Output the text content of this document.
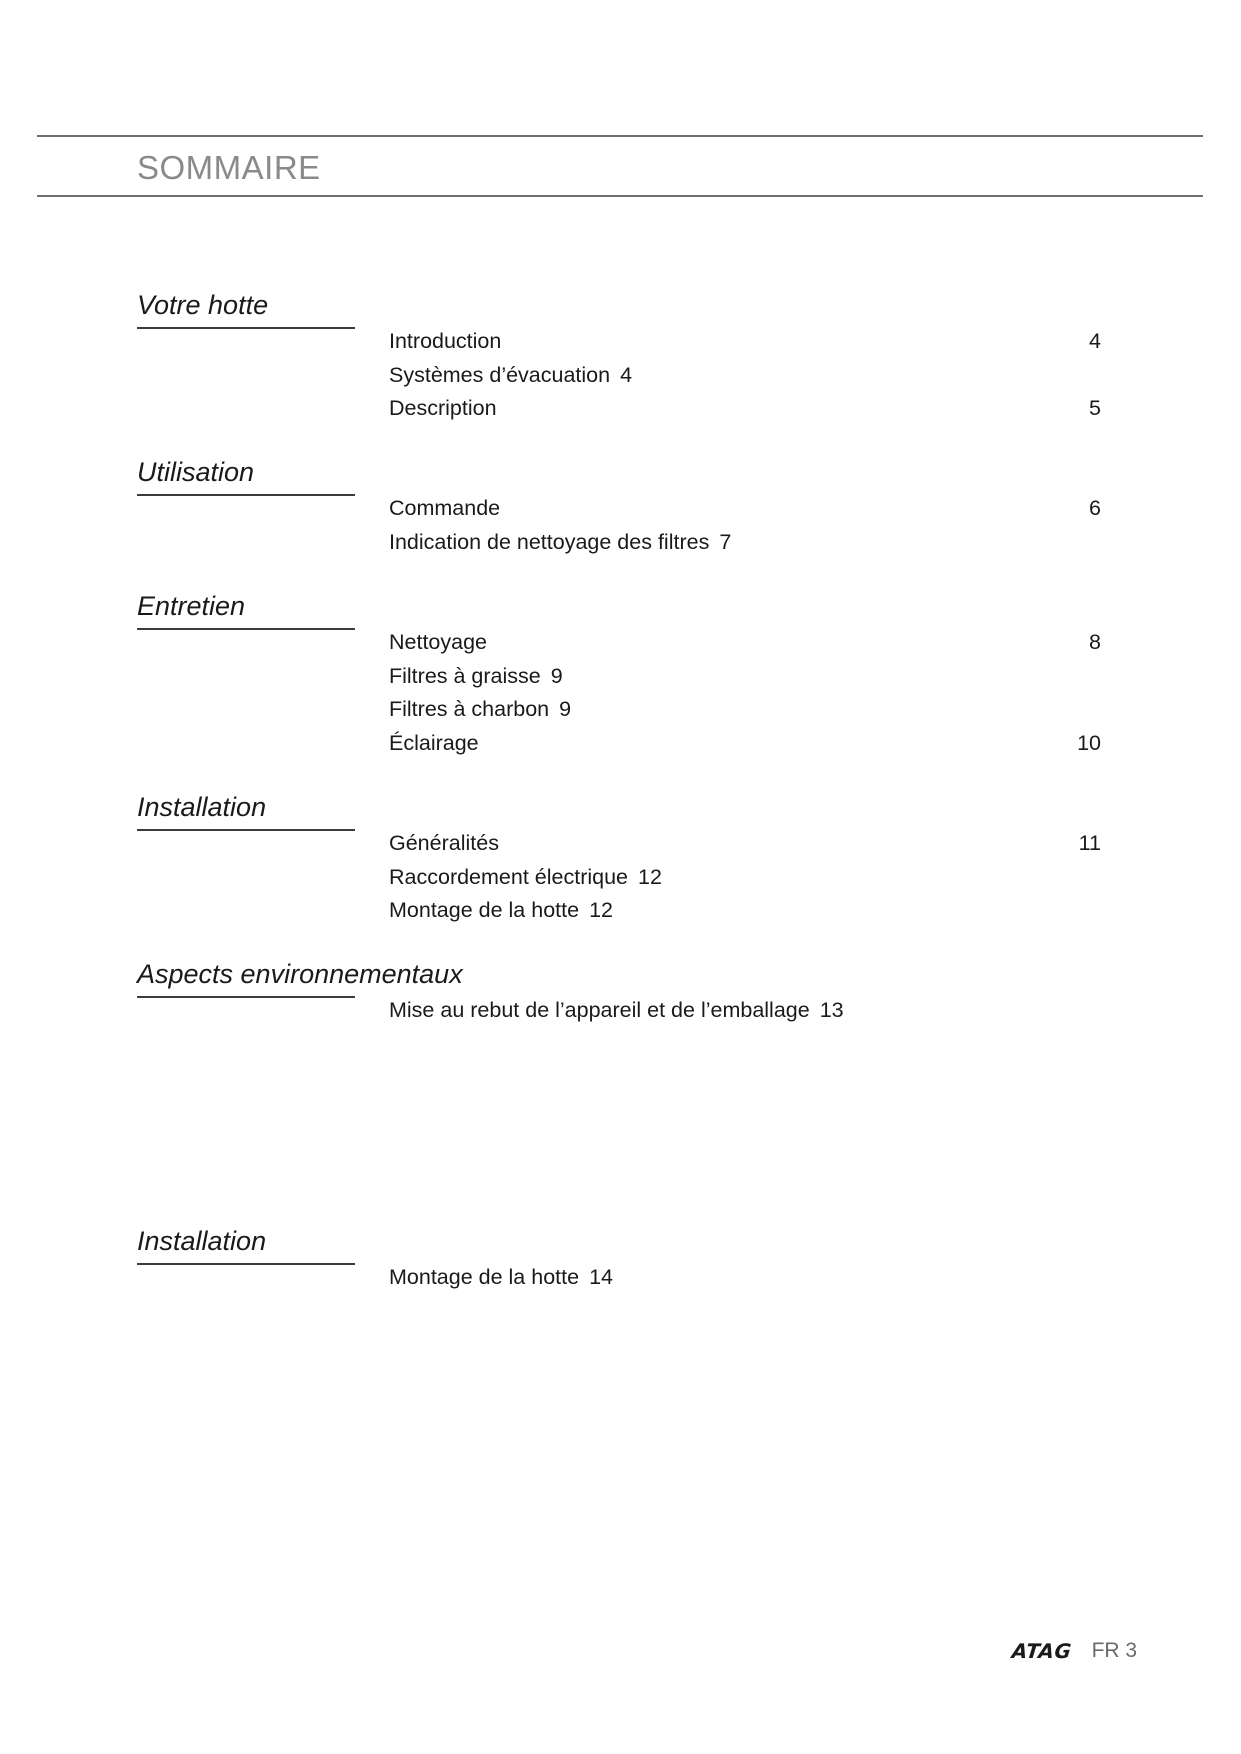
SOMMAIRE
Votre hotte
Introduction	4
Systèmes d’évacuation 4
Description	5
Utilisation
Commande	6
Indication de nettoyage des filtres 7
Entretien
Nettoyage	8
Filtres à graisse 9
Filtres à charbon 9
Éclairage	10
Installation
Généralités	11
Raccordement électrique 12
Montage de la hotte 12
Aspects environnementaux
Mise au rebut de l’appareil et de l’emballage 13
Installation
Montage de la hotte 14
ATAG FR 3
